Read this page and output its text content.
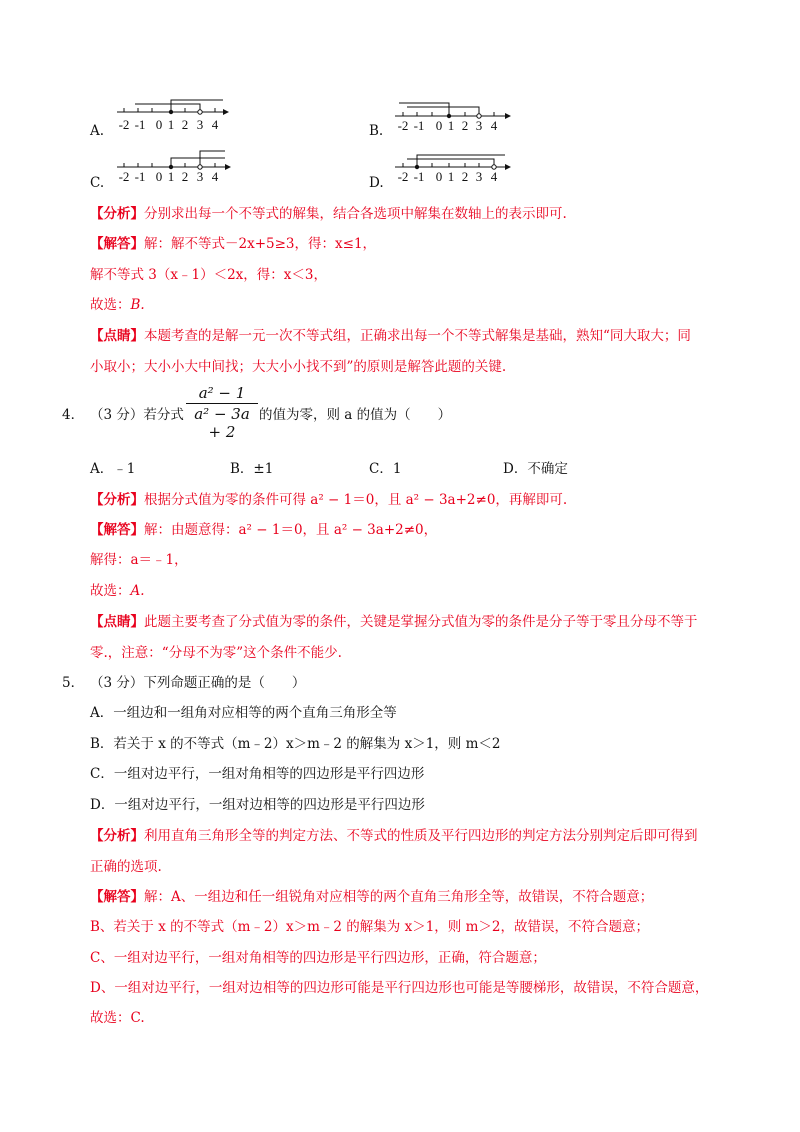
A. -2 -1 0 1 2 3 4	B. -2 -1 0 1 2 3 4
C. -2 -1 0 1 2 3 4	D. -2 -1 0 1 2 3 4
【分析】分别求出每一个不等式的解集，结合各选项中解集在数轴上的表示即可.
【解答】解：解不等式－2x+5≥3，得：x≤1，
解不等式 3（x﹣1）＜2x，得：x＜3，
故选：B.
【点睛】本题考查的是解一元一次不等式组，正确求出每一个不等式解集是基础，熟知“同大取大；同
小取小；大小小大中间找；大大小小找不到”的原则是解答此题的关键.
4． （3 分）若分式
a² − 1
a² − 3a + 2
的值为零，则 a 的值为（　　）
A．﹣1	B．±1	C．1	D．不确定
【分析】根据分式值为零的条件可得 a² − 1＝0，且 a² − 3a+2≠0，再解即可.
【解答】解：由题意得：a² − 1＝0，且 a² − 3a+2≠0，
解得：a＝﹣1，
故选：A.
【点睛】此题主要考查了分式值为零的条件，关键是掌握分式值为零的条件是分子等于零且分母不等于
零.，注意：“分母不为零”这个条件不能少.
5． （3 分）下列命题正确的是（　　）
A．一组边和一组角对应相等的两个直角三角形全等
B．若关于 x 的不等式（m﹣2）x＞m﹣2 的解集为 x＞1，则 m＜2
C．一组对边平行，一组对角相等的四边形是平行四边形
D．一组对边平行，一组对边相等的四边形是平行四边形
【分析】利用直角三角形全等的判定方法、不等式的性质及平行四边形的判定方法分别判定后即可得到
正确的选项.
【解答】解：A、一组边和任一组锐角对应相等的两个直角三角形全等，故错误，不符合题意；
B、若关于 x 的不等式（m﹣2）x＞m﹣2 的解集为 x＞1，则 m＞2，故错误，不符合题意；
C、一组对边平行，一组对角相等的四边形是平行四边形，正确，符合题意；
D、一组对边平行，一组对边相等的四边形可能是平行四边形也可能是等腰梯形，故错误，不符合题意，
故选：C.
